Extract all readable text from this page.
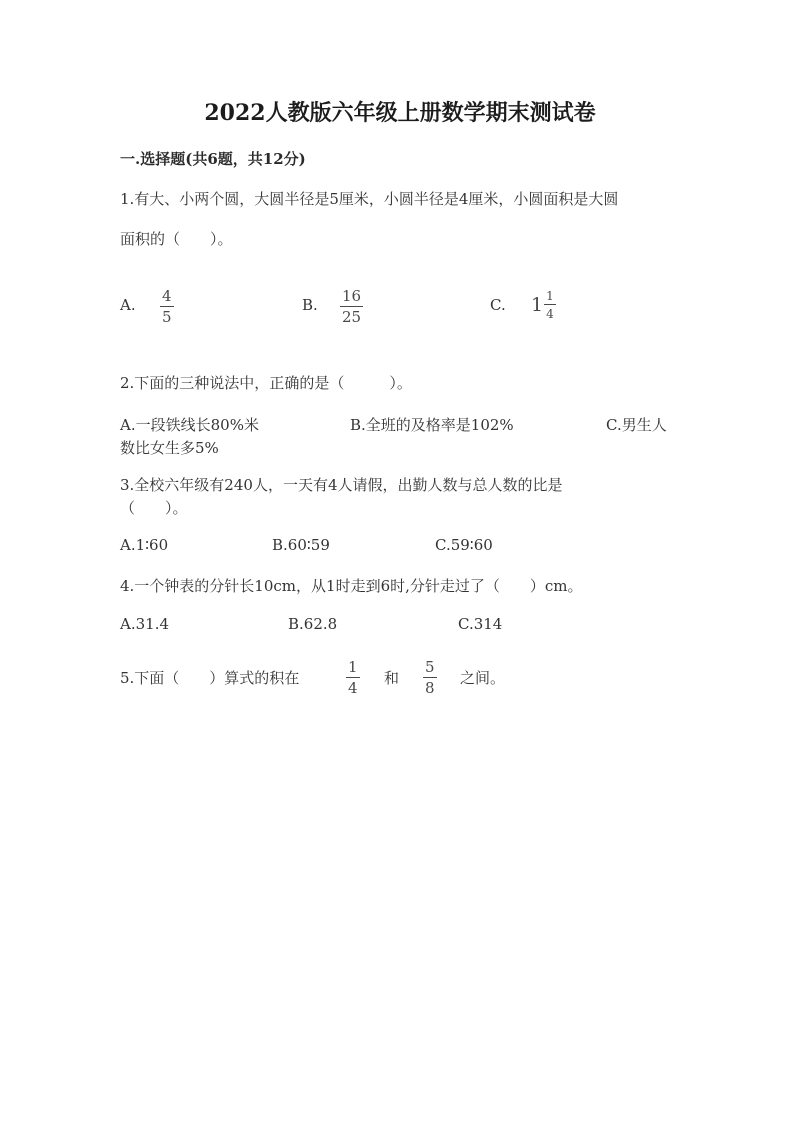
2022人教版六年级上册数学期末测试卷
一.选择题(共6题，共12分)
1.有大、小两个圆，大圆半径是5厘米，小圆半径是4厘米，小圆面积是大圆
面积的（　　）。
A. 4
5
B. 16
25
C. $1 \frac{1}{4}$
2.下面的三种说法中，正确的是（　　　）。
A.一段铁线长80%米	B.全班的及格率是102%	C.男生人
数比女生多5%
3.全校六年级有240人，一天有4人请假，出勤人数与总人数的比是
（　　）。
A.1∶60	B.60∶59	C.59∶60
4.一个钟表的分针长10cm，从1时走到6时,分针走过了（　　）cm。
A.31.4	B.62.8	C.314
5.下面（　　）算式的积在
1
4
和
5
8
之间。
